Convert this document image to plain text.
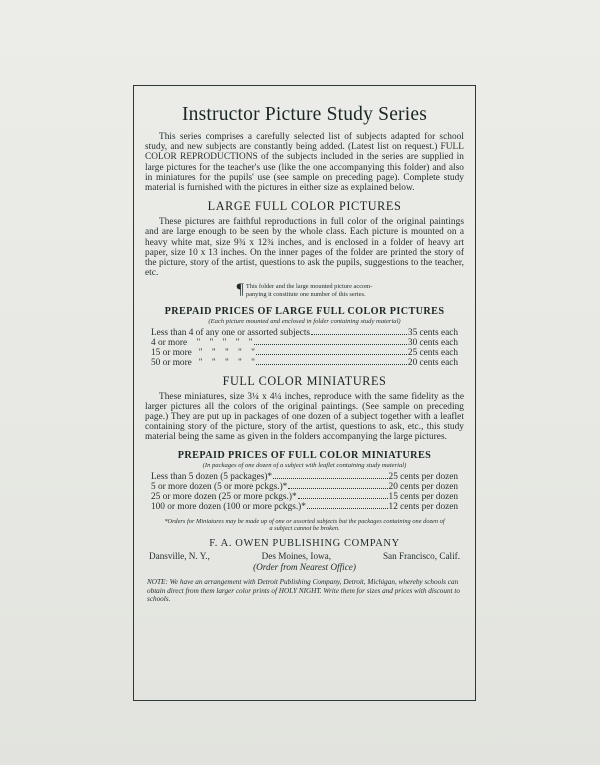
Instructor Picture Study Series

This series comprises a carefully selected list of subjects adapted for school study, and new subjects are constantly being added. (Latest list on request.) FULL COLOR REPRODUCTIONS of the subjects included in the series are supplied in large pictures for the teacher's use (like the one accompanying this folder) and also in miniatures for the pupils' use (see sample on preceding page). Complete study material is furnished with the pictures in either size as explained below.

LARGE FULL COLOR PICTURES

These pictures are faithful reproductions in full color of the original paintings and are large enough to be seen by the whole class. Each picture is mounted on a heavy white mat, size 9¾ x 12¾ inches, and is enclosed in a folder of heavy art paper, size 10 x 13 inches. On the inner pages of the folder are printed the story of the picture, story of the artist, questions to ask the pupils, suggestions to the teacher, etc.

¶ This folder and the large mounted picture accom-
panying it constitute one number of this series.
PREPAID PRICES OF LARGE FULL COLOR PICTURES
(Each picture mounted and enclosed in folder containing study material)
Less than 4 of any one or assorted subjects	35 cents each
4 or more    "    "    "    "    "	30 cents each
15 or more   "    "    "    "    "	25 cents each
50 or more   "    "    "    "    "	20 cents each
FULL COLOR MINIATURES

These miniatures, size 3¼ x 4¼ inches, reproduce with the same fidelity as the larger pictures all the colors of the original paintings. (See sample on preceding page.) They are put up in packages of one dozen of a subject together with a leaflet containing story of the picture, story of the artist, questions to ask, etc., this study material being the same as given in the folders accompanying the large pictures.

PREPAID PRICES OF FULL COLOR MINIATURES
(In packages of one dozen of a subject with leaflet containing study material)
Less than 5 dozen (5 packages)*	25 cents per dozen
5 or more dozen (5 or more pckgs.)*	20 cents per dozen
25 or more dozen (25 or more pckgs.)*	15 cents per dozen
100 or more dozen (100 or more pckgs.)*	12 cents per dozen
*Orders for Miniatures may be made up of one or assorted subjects but the packages containing one dozen of a subject cannot be broken.
F. A. OWEN PUBLISHING COMPANY
Dansville, N. Y.,	Des Moines, Iowa,	San Francisco, Calif.
(Order from Nearest Office)
NOTE: We have an arrangement with Detroit Publishing Company, Detroit, Michigan, whereby schools can obtain direct from them larger color prints of HOLY NIGHT. Write them for sizes and prices with discount to schools.
